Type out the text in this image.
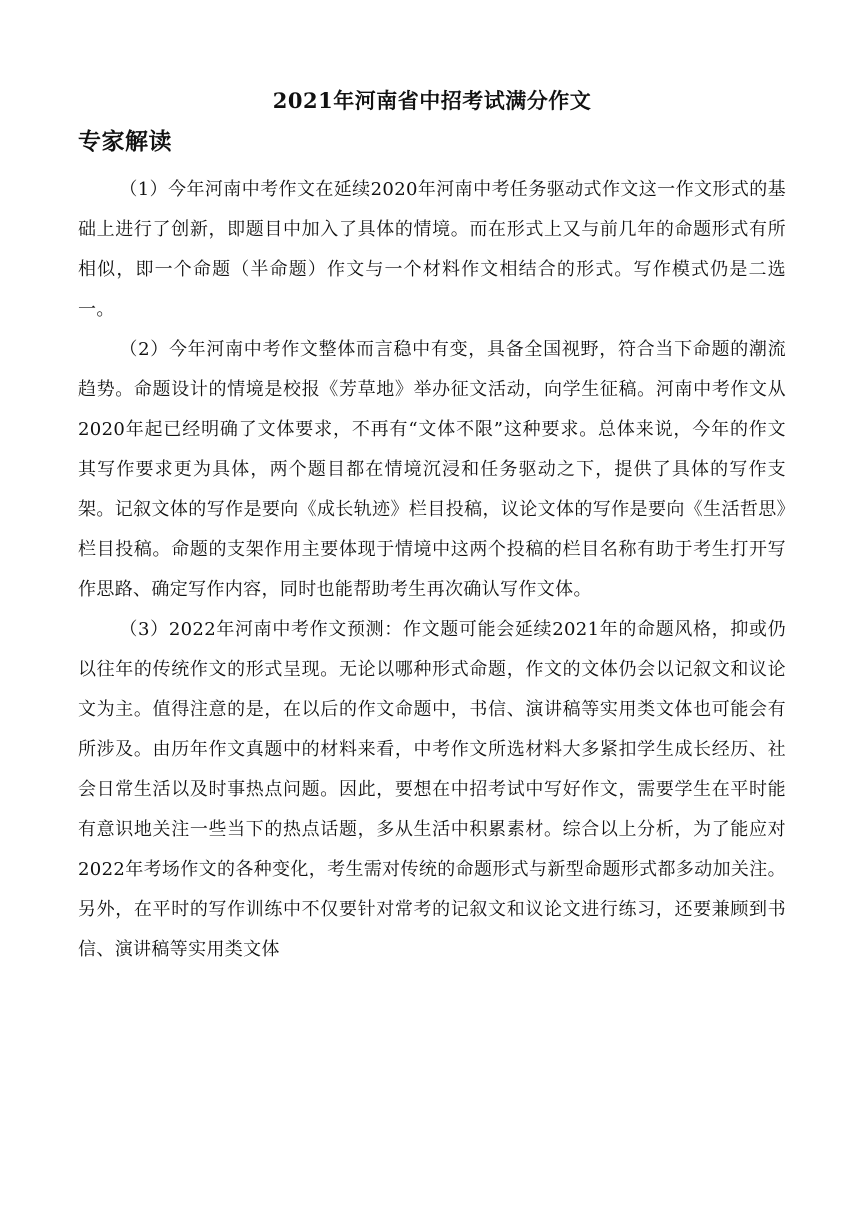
2021年河南省中招考试满分作文
专家解读

（1）今年河南中考作文在延续2020年河南中考任务驱动式作文这一作文形式的基础上进行了创新，即题目中加入了具体的情境。而在形式上又与前几年的命题形式有所相似，即一个命题（半命题）作文与一个材料作文相结合的形式。写作模式仍是二选一。

（2）今年河南中考作文整体而言稳中有变，具备全国视野，符合当下命题的潮流趋势。命题设计的情境是校报《芳草地》举办征文活动，向学生征稿。河南中考作文从2020年起已经明确了文体要求，不再有“文体不限”这种要求。总体来说，今年的作文其写作要求更为具体，两个题目都在情境沉浸和任务驱动之下，提供了具体的写作支架。记叙文体的写作是要向《成长轨迹》栏目投稿，议论文体的写作是要向《生活哲思》栏目投稿。命题的支架作用主要体现于情境中这两个投稿的栏目名称有助于考生打开写作思路、确定写作内容，同时也能帮助考生再次确认写作文体。

（3）2022年河南中考作文预测：作文题可能会延续2021年的命题风格，抑或仍以往年的传统作文的形式呈现。无论以哪种形式命题，作文的文体仍会以记叙文和议论文为主。值得注意的是，在以后的作文命题中，书信、演讲稿等实用类文体也可能会有所涉及。由历年作文真题中的材料来看，中考作文所选材料大多紧扣学生成长经历、社会日常生活以及时事热点问题。因此，要想在中招考试中写好作文，需要学生在平时能有意识地关注一些当下的热点话题，多从生活中积累素材。综合以上分析，为了能应对2022年考场作文的各种变化，考生需对传统的命题形式与新型命题形式都多动加关注。另外，在平时的写作训练中不仅要针对常考的记叙文和议论文进行练习，还要兼顾到书信、演讲稿等实用类文体
